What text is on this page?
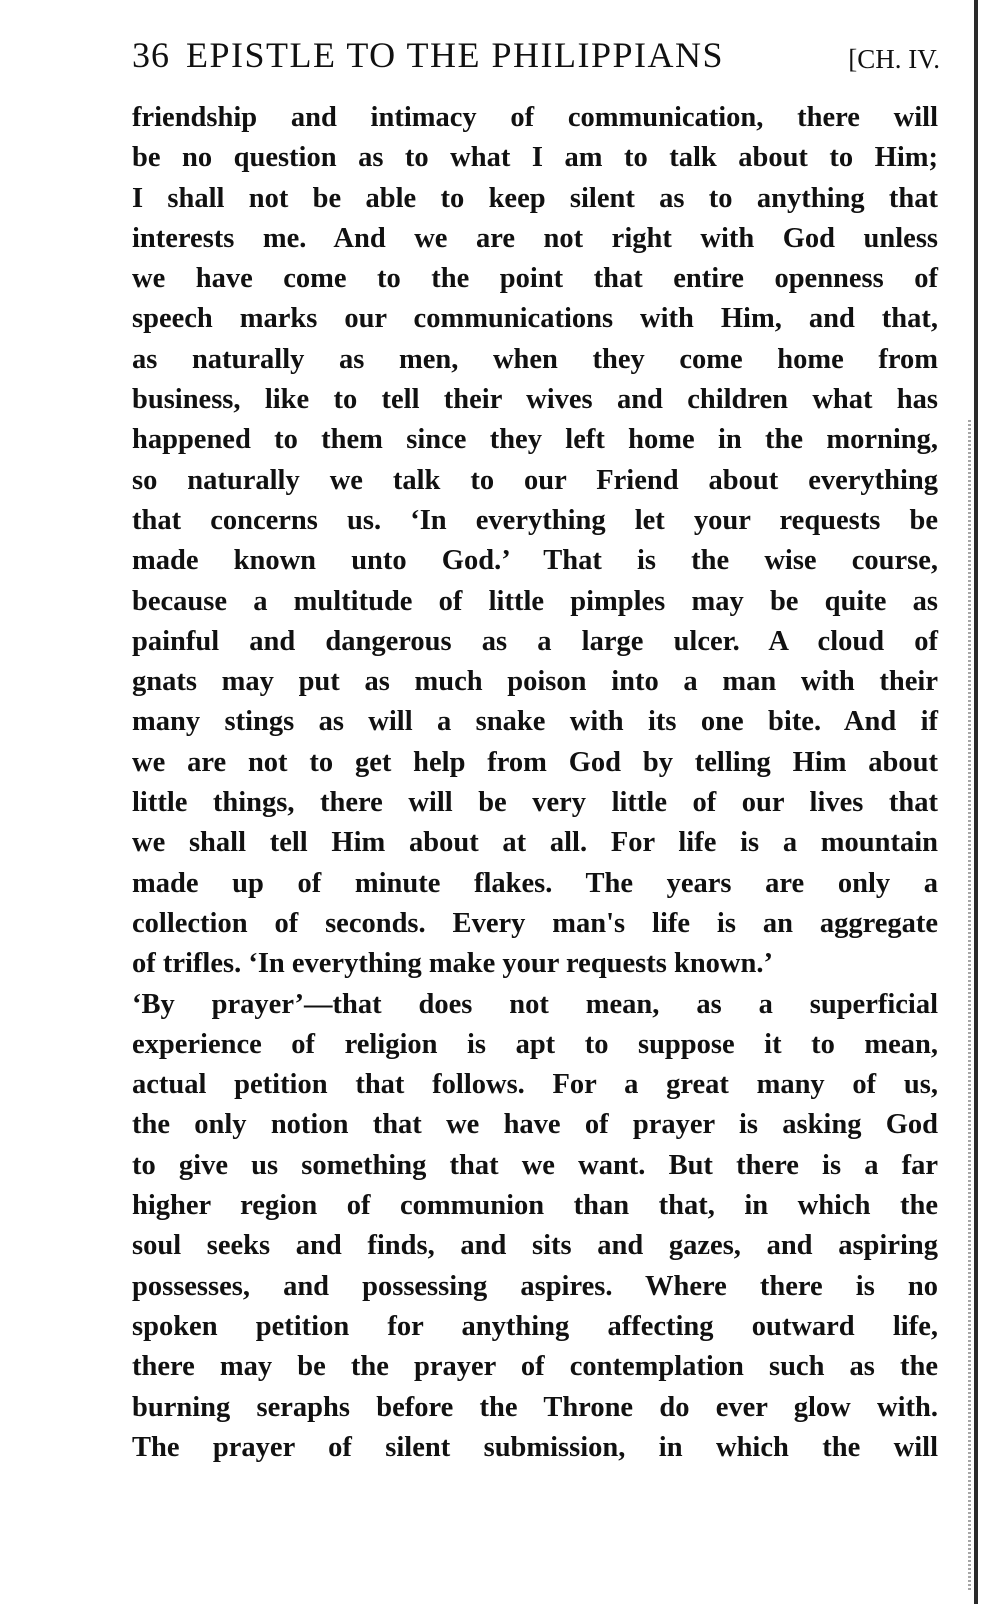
36 EPISTLE TO THE PHILIPPIANS	[CH. IV.
friendship and intimacy of communication, there will
be no question as to what I am to talk about to Him;
I shall not be able to keep silent as to anything that
interests me. And we are not right with God unless
we have come to the point that entire openness of
speech marks our communications with Him, and that,
as naturally as men, when they come home from
business, like to tell their wives and children what has
happened to them since they left home in the morning,
so naturally we talk to our Friend about everything
that concerns us. ‘In everything let your requests be
made known unto God.’ That is the wise course,
because a multitude of little pimples may be quite as
painful and dangerous as a large ulcer. A cloud of
gnats may put as much poison into a man with their
many stings as will a snake with its one bite. And if
we are not to get help from God by telling Him about
little things, there will be very little of our lives that
we shall tell Him about at all. For life is a mountain
made up of minute flakes. The years are only a
collection of seconds. Every man's life is an aggregate
of trifles. ‘In everything make your requests known.’
‘By prayer’—that does not mean, as a superficial
experience of religion is apt to suppose it to mean,
actual petition that follows. For a great many of us,
the only notion that we have of prayer is asking God
to give us something that we want. But there is a far
higher region of communion than that, in which the
soul seeks and finds, and sits and gazes, and aspiring
possesses, and possessing aspires. Where there is no
spoken petition for anything affecting outward life,
there may be the prayer of contemplation such as the
burning seraphs before the Throne do ever glow with.
The prayer of silent submission, in which the will
